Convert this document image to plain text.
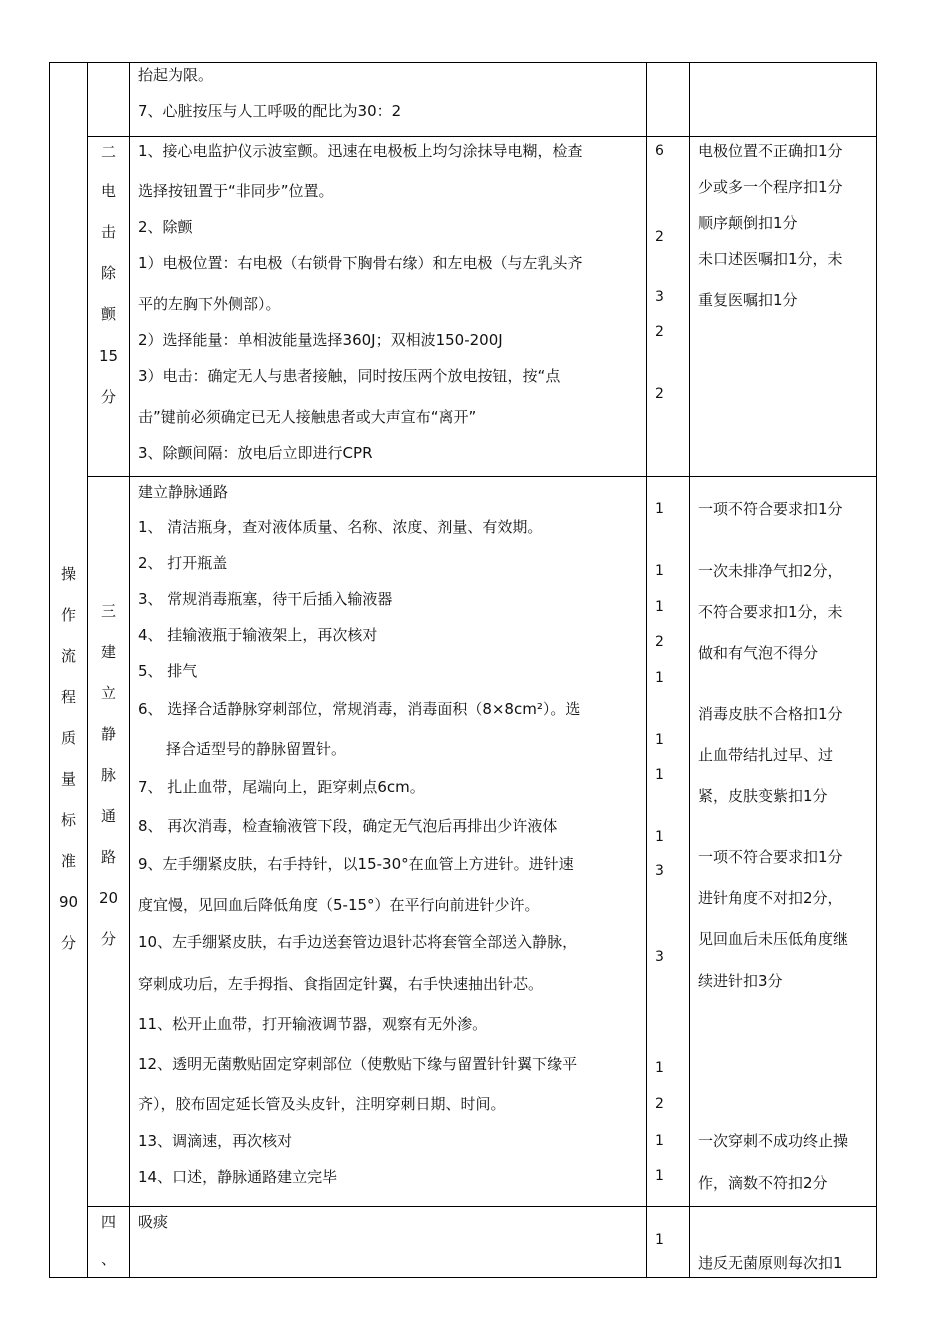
操
作
流
程
质
量
标
准
90
分
抬起为限。
7、心脏按压与人工呼吸的配比为30：2
二
电
击
除
颤
15
分
1、接心电监护仪示波室颤。迅速在电极板上均匀涂抹导电糊，检查
选择按钮置于“非同步”位置。
2、除颤
1）电极位置：右电极（右锁骨下胸骨右缘）和左电极（与左乳头齐
平的左胸下外侧部）。
2）选择能量：单相波能量选择360J；双相波150-200J
3）电击：确定无人与患者接触，同时按压两个放电按钮，按“点
击”键前必须确定已无人接触患者或大声宣布“离开”
3、除颤间隔：放电后立即进行CPR
6
2
3
2
2
电极位置不正确扣1分
少或多一个程序扣1分
顺序颠倒扣1分
未口述医嘱扣1分，未
重复医嘱扣1分
三
建
立
静
脉
通
路
20
分
建立静脉通路
1、 清洁瓶身，查对液体质量、名称、浓度、剂量、有效期。
2、 打开瓶盖
3、 常规消毒瓶塞，待干后插入输液器
4、 挂输液瓶于输液架上，再次核对
5、 排气
6、 选择合适静脉穿刺部位，常规消毒，消毒面积（8×8cm²）。选
择合适型号的静脉留置针。
7、 扎止血带，尾端向上，距穿刺点6cm。
8、 再次消毒，检查输液管下段，确定无气泡后再排出少许液体
9、左手绷紧皮肤，右手持针，以15-30°在血管上方进针。进针速
度宜慢，见回血后降低角度（5-15°）在平行向前进针少许。
10、左手绷紧皮肤，右手边送套管边退针芯将套管全部送入静脉，
穿刺成功后，左手拇指、食指固定针翼，右手快速抽出针芯。
11、松开止血带，打开输液调节器，观察有无外渗。
12、透明无菌敷贴固定穿刺部位（使敷贴下缘与留置针针翼下缘平
齐），胶布固定延长管及头皮针，注明穿刺日期、时间。
13、调滴速，再次核对
14、口述，静脉通路建立完毕
1
1
1
2
1
1
1
1
3
3
1
2
1
1
一项不符合要求扣1分
一次未排净气扣2分，
不符合要求扣1分，未
做和有气泡不得分
消毒皮肤不合格扣1分
止血带结扎过早、过
紧，皮肤变紫扣1分
一项不符合要求扣1分
进针角度不对扣2分，
见回血后未压低角度继
续进针扣3分
一次穿刺不成功终止操
作，滴数不符扣2分
四
、
吸痰
1
违反无菌原则每次扣1
